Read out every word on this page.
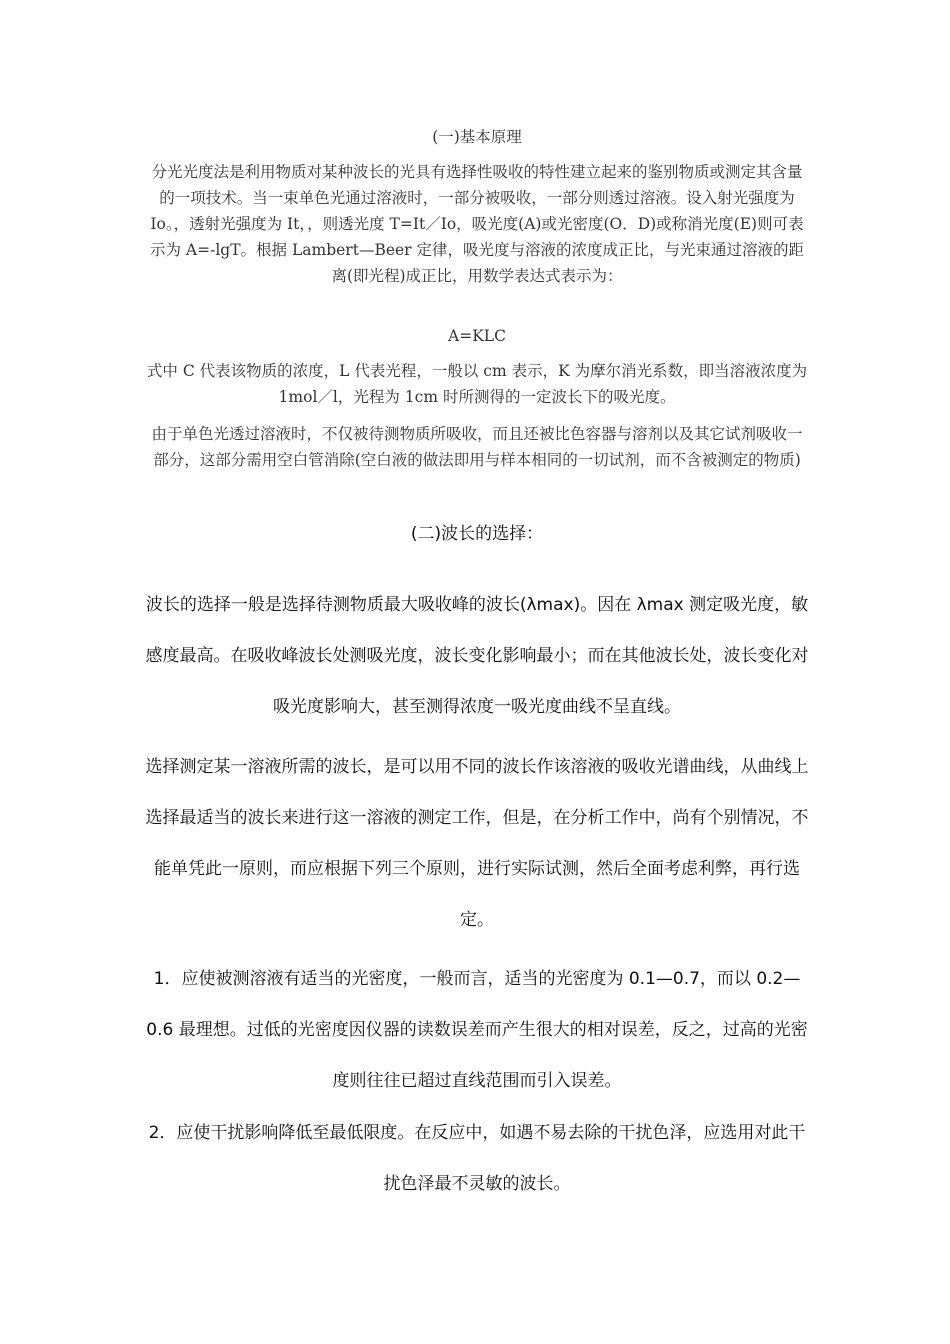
(一)基本原理

分光光度法是利用物质对某种波长的光具有选择性吸收的特性建立起来的鉴别物质或测定其含量的一项技术。当一束单色光通过溶液时，一部分被吸收，一部分则透过溶液。设入射光强度为 Io。，透射光强度为 It，，则透光度 T=It／Io，吸光度(A)或光密度(O．D)或称消光度(E)则可表示为 A=-lgT。根据 Lambert—Beer 定律，吸光度与溶液的浓度成正比，与光束通过溶液的距离(即光程)成正比，用数学表达式表示为：

A=KLC

式中 C 代表该物质的浓度，L 代表光程，一般以 cm 表示，K 为摩尔消光系数，即当溶液浓度为 1mol／l，光程为 1cm 时所测得的一定波长下的吸光度。

由于单色光透过溶液时，不仅被待测物质所吸收，而且还被比色容器与溶剂以及其它试剂吸收一部分，这部分需用空白管消除(空白液的做法即用与样本相同的一切试剂，而不含被测定的物质)

(二)波长的选择：

波长的选择一般是选择待测物质最大吸收峰的波长(λmax)。因在 λmax 测定吸光度，敏感度最高。在吸收峰波长处测吸光度，波长变化影响最小；而在其他波长处，波长变化对吸光度影响大，甚至测得浓度一吸光度曲线不呈直线。

选择测定某一溶液所需的波长，是可以用不同的波长作该溶液的吸收光谱曲线，从曲线上选择最适当的波长来进行这一溶液的测定工作，但是，在分析工作中，尚有个别情况，不能单凭此一原则，而应根据下列三个原则，进行实际试测，然后全面考虑利弊，再行选定。

1．应使被测溶液有适当的光密度，一般而言，适当的光密度为 0.1—0.7，而以 0.2—0.6 最理想。过低的光密度因仪器的读数误差而产生很大的相对误差，反之，过高的光密度则往往已超过直线范围而引入误差。

2．应使干扰影响降低至最低限度。在反应中，如遇不易去除的干扰色泽，应选用对此干扰色泽最不灵敏的波长。
